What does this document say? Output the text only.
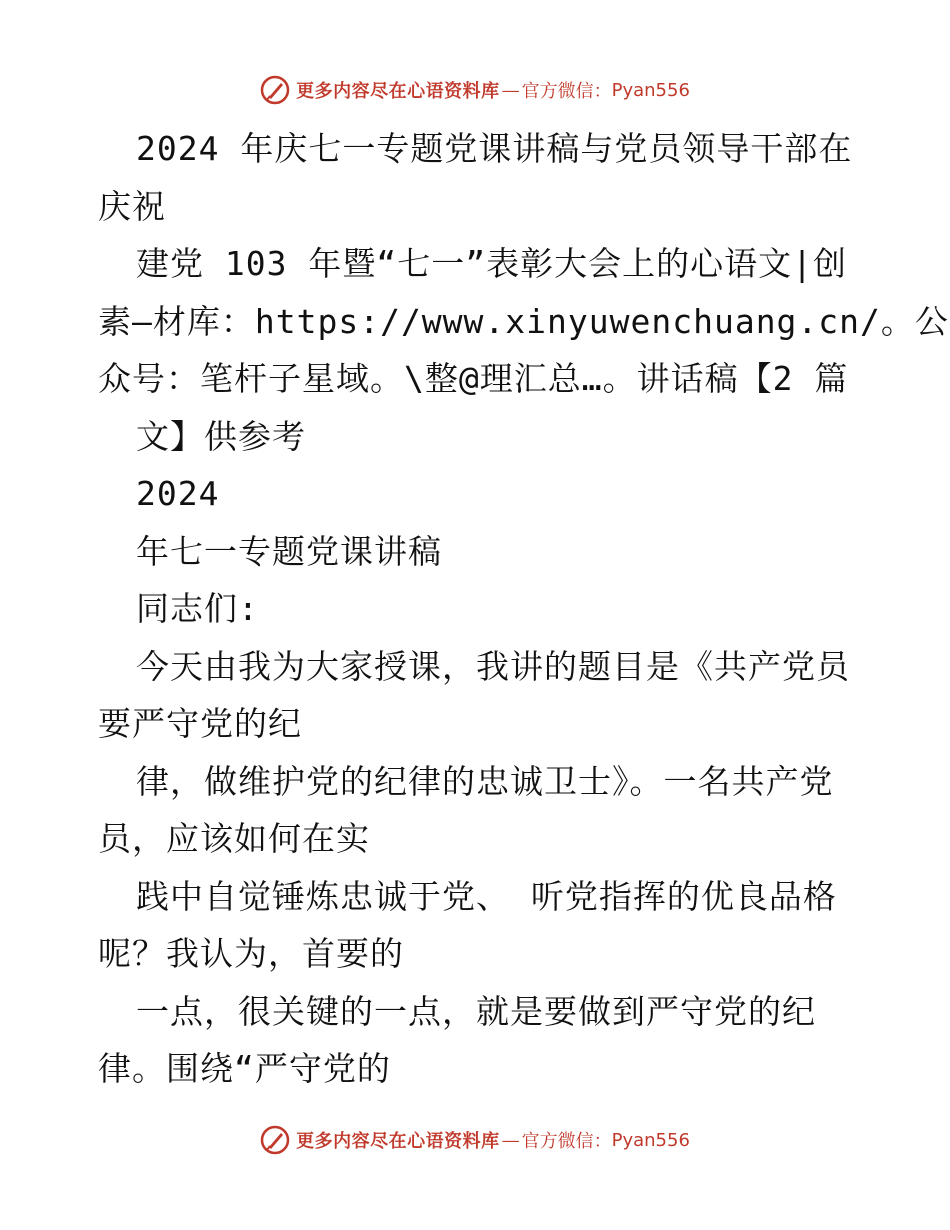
更多内容尽在心语资料库 — 官方微信： Pyan556
2024 年庆七一专题党课讲稿与党员领导干部在
庆祝
建党 103 年暨“七一”表彰大会上的心语文|创
素—材库：https://www.xinyuwenchuang.cn/。公
众号：笔杆子星域。\整@理汇总…。讲话稿【2 篇
文】供参考
2024
年七一专题党课讲稿
同志们:
今天由我为大家授课，我讲的题目是《共产党员
要严守党的纪
律，做维护党的纪律的忠诚卫士》。一名共产党
员，应该如何在实
践中自觉锤炼忠诚于党、 听党指挥的优良品格
呢？我认为，首要的
一点，很关键的一点，就是要做到严守党的纪
律。围绕“严守党的
更多内容尽在心语资料库 — 官方微信： Pyan556
